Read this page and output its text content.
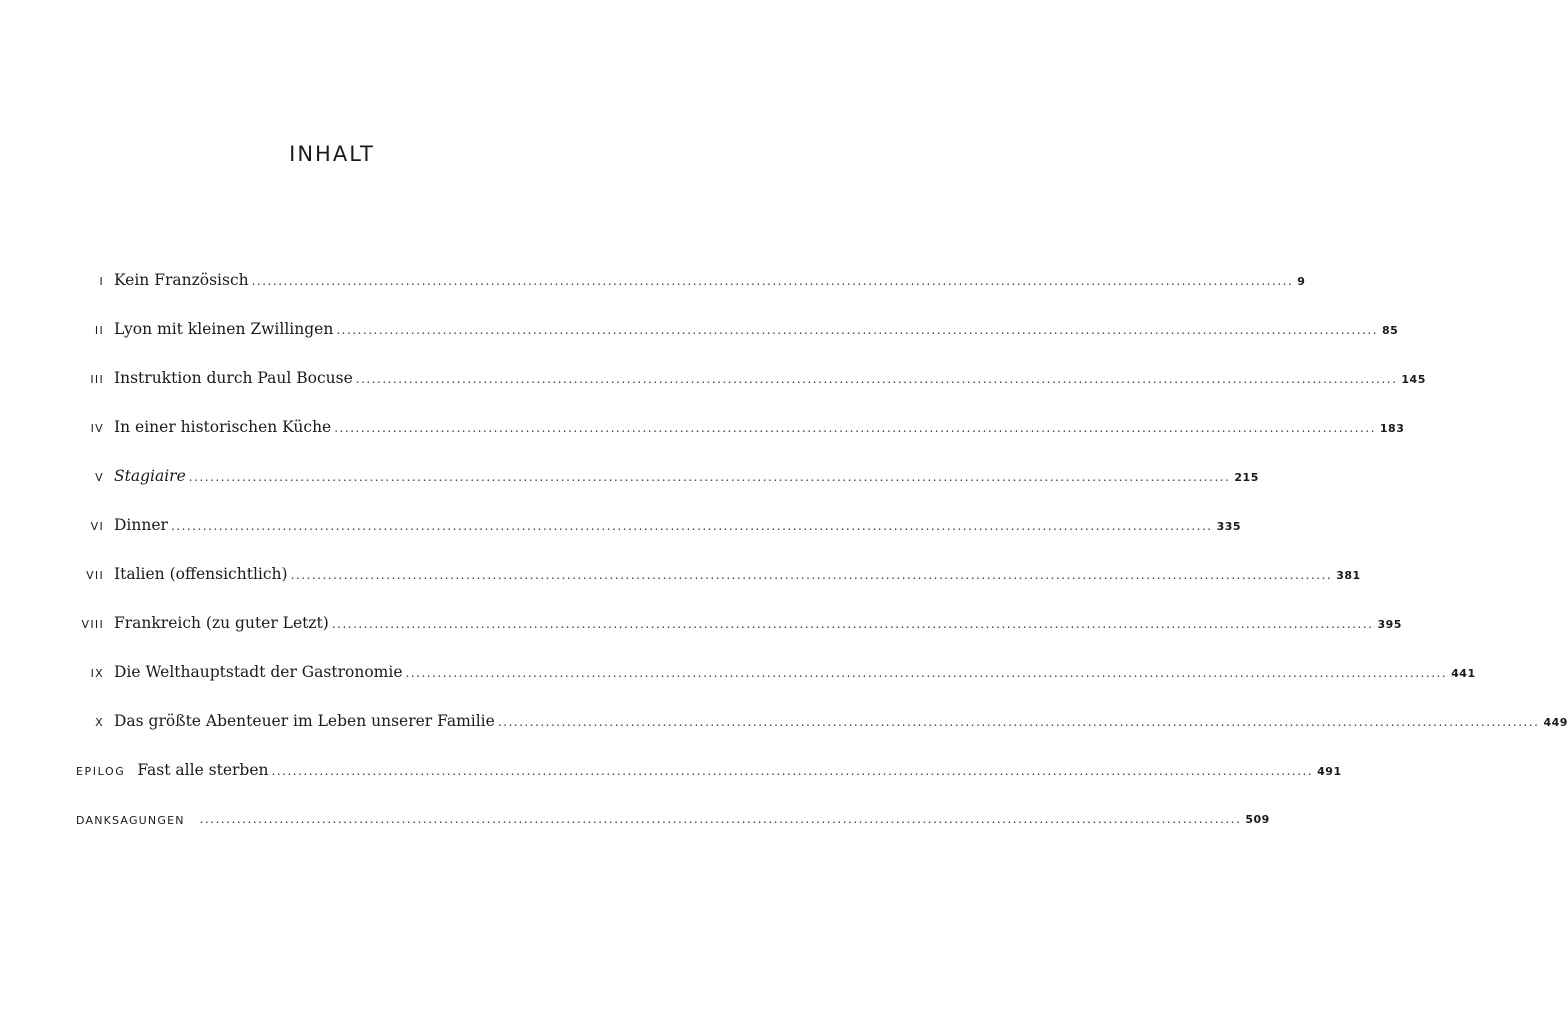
INHALT
I Kein Französisch .....	9
II Lyon mit kleinen Zwillingen .....	85
III Instruktion durch Paul Bocuse .....	145
IV In einer historischen Küche .....	183
V Stagiaire .....	215
VI Dinner .....	335
VII Italien (offensichtlich) .....	381
VIII Frankreich (zu guter Letzt) .....	395
IX Die Welthauptstadt der Gastronomie .....	441
X Das größte Abenteuer im Leben unserer Familie .....	449
EPILOG Fast alle sterben .....	491
DANKSAGUNGEN .....	509
